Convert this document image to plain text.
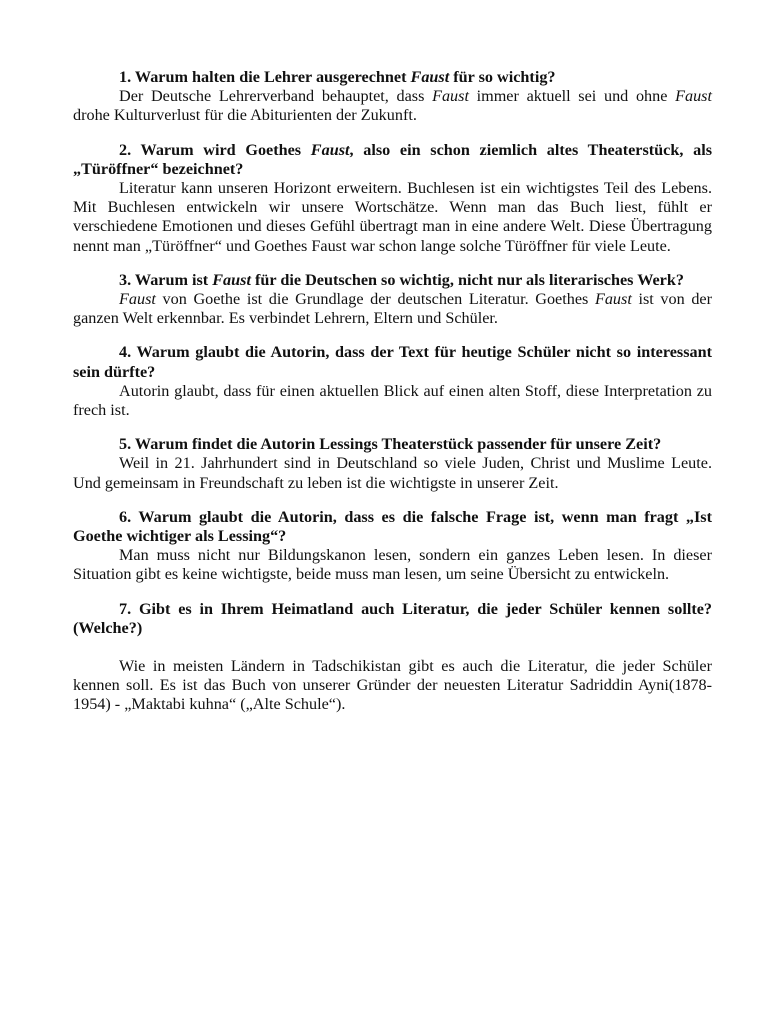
1. Warum halten die Lehrer ausgerechnet Faust für so wichtig?

Der Deutsche Lehrerverband behauptet, dass Faust immer aktuell sei und ohne Faust drohe Kulturverlust für die Abiturienten der Zukunft.

2. Warum wird Goethes Faust, also ein schon ziemlich altes Theaterstück, als „Türöffner“ bezeichnet?

Literatur kann unseren Horizont erweitern. Buchlesen ist ein wichtigstes Teil des Lebens. Mit Buchlesen entwickeln wir unsere Wortschätze. Wenn man das Buch liest, fühlt er verschiedene Emotionen und dieses Gefühl übertragt man in eine andere Welt. Diese Übertragung nennt man „Türöffner“ und Goethes Faust war schon lange solche Türöffner für viele Leute.

3. Warum ist Faust für die Deutschen so wichtig, nicht nur als literarisches Werk?

Faust von Goethe ist die Grundlage der deutschen Literatur. Goethes Faust ist von der ganzen Welt erkennbar. Es verbindet Lehrern, Eltern und Schüler.

4. Warum glaubt die Autorin, dass der Text für heutige Schüler nicht so interessant sein dürfte?

Autorin glaubt, dass für einen aktuellen Blick auf einen alten Stoff, diese Interpretation zu frech ist.

5. Warum findet die Autorin Lessings Theaterstück passender für unsere Zeit?

Weil in 21. Jahrhundert sind in Deutschland so viele Juden, Christ und Muslime Leute. Und gemeinsam in Freundschaft zu leben ist die wichtigste in unserer Zeit.

6. Warum glaubt die Autorin, dass es die falsche Frage ist, wenn man fragt „Ist Goethe wichtiger als Lessing“?

Man muss nicht nur Bildungskanon lesen, sondern ein ganzes Leben lesen. In dieser Situation gibt es keine wichtigste, beide muss man lesen, um seine Übersicht zu entwickeln.

7. Gibt es in Ihrem Heimatland auch Literatur, die jeder Schüler kennen sollte? (Welche?)

Wie in meisten Ländern in Tadschikistan gibt es auch die Literatur, die jeder Schüler kennen soll. Es ist das Buch von unserer Gründer der neuesten Literatur Sadriddin Ayni(1878-1954) - „Maktabi kuhna“ („Alte Schule“).
